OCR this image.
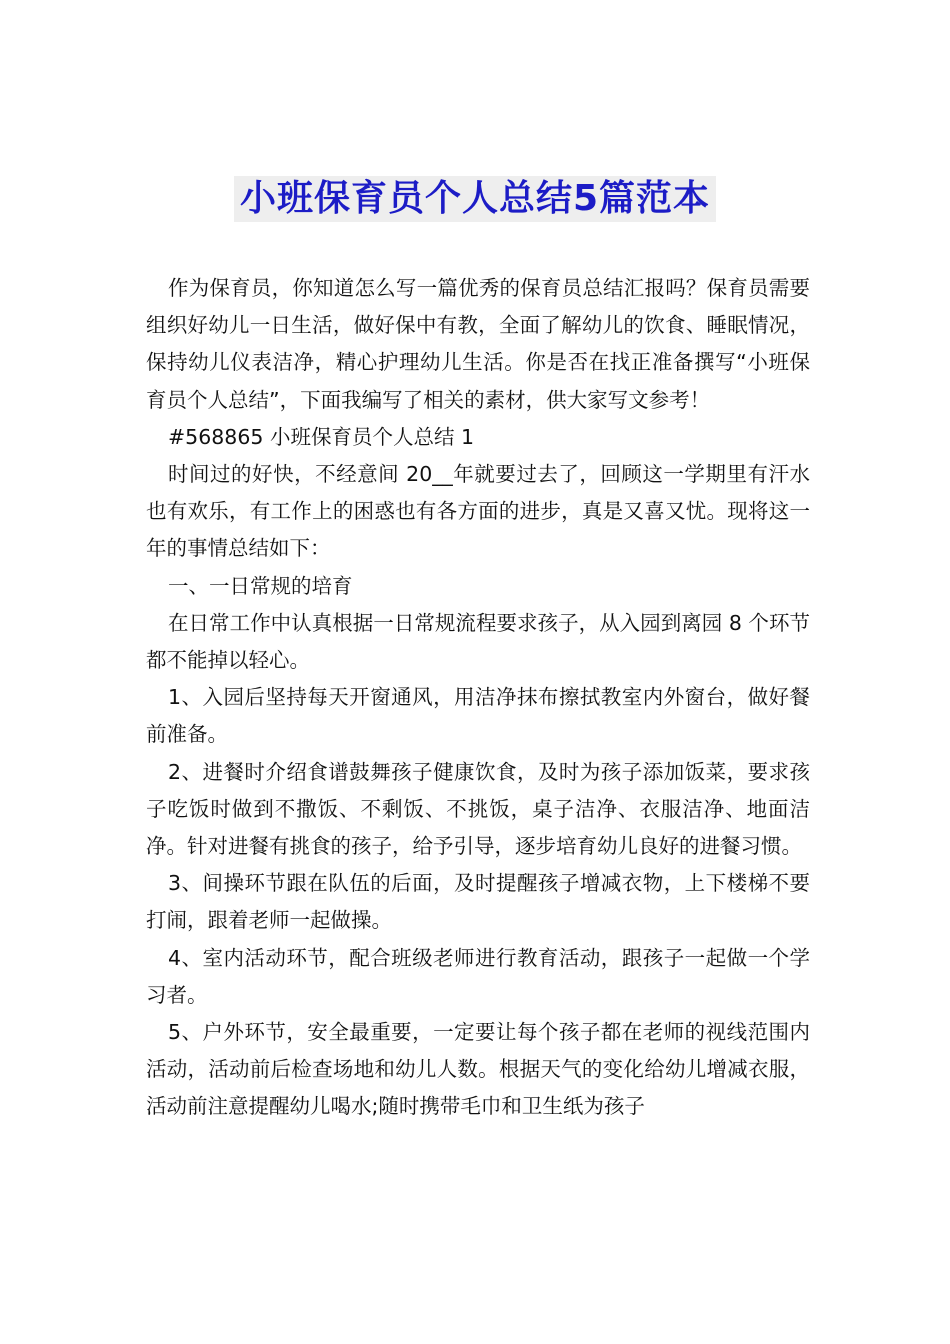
小班保育员个人总结5篇范本

作为保育员，你知道怎么写一篇优秀的保育员总结汇报吗？保育员需要组织好幼儿一日生活，做好保中有教，全面了解幼儿的饮食、睡眠情况，保持幼儿仪表洁净，精心护理幼儿生活。你是否在找正准备撰写“小班保育员个人总结”，下面我编写了相关的素材，供大家写文参考！

#568865 小班保育员个人总结 1

时间过的好快，不经意间 20__年就要过去了，回顾这一学期里有汗水也有欢乐，有工作上的困惑也有各方面的进步，真是又喜又忧。现将这一年的事情总结如下：

一、一日常规的培育

在日常工作中认真根据一日常规流程要求孩子，从入园到离园 8 个环节都不能掉以轻心。

1、入园后坚持每天开窗通风，用洁净抹布擦拭教室内外窗台，做好餐前准备。

2、进餐时介绍食谱鼓舞孩子健康饮食，及时为孩子添加饭菜，要求孩子吃饭时做到不撒饭、不剩饭、不挑饭，桌子洁净、衣服洁净、地面洁净。针对进餐有挑食的孩子，给予引导，逐步培育幼儿良好的进餐习惯。

3、间操环节跟在队伍的后面，及时提醒孩子增减衣物，上下楼梯不要打闹，跟着老师一起做操。

4、室内活动环节，配合班级老师进行教育活动，跟孩子一起做一个学习者。

5、户外环节，安全最重要，一定要让每个孩子都在老师的视线范围内活动，活动前后检查场地和幼儿人数。根据天气的变化给幼儿增减衣服，活动前注意提醒幼儿喝水;随时携带毛巾和卫生纸为孩子
